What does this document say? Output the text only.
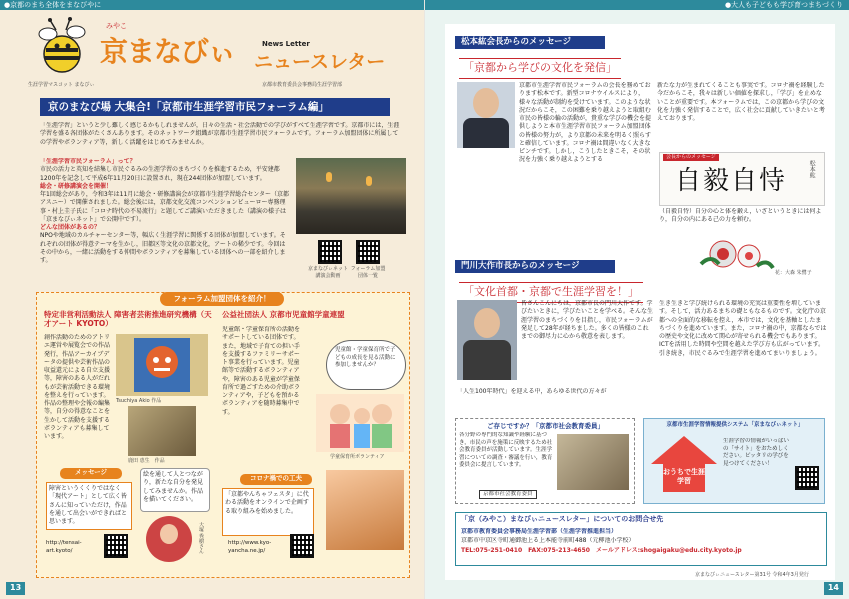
●京都のまち全体をまなびやに
生涯学習マスコット まなびぃ
みやこ
京まなびぃ	News Letter
ニュースレター
京都市教育委員会事務局生涯学習部
京のまなび場 大集合!「京都市生涯学習市民フォーラム編」
「生涯学習」というと少し難しく感じるかもしれませんが，日々の生活・社会活動での学びがすべて生涯学習です。京都市には，生涯学習を盛る各団体がたくさんあります。そのネットワーク組織が京都市生涯学習市民フォーラムです。フォーラム加盟団体に所属しての学習やボランティア等，新しく活躍をはじめてみませんか。
「生涯学習市民フォーラム」って？
市民の活力と英知を結集し市民ぐるみの生涯学習のまちづくりを推進するため，平安建都1200年を記念して平成6年11月20日に設置され，現在244団体が加盟しています。
総会・研修講演会を開催！
年1回総会があり，令和3年は11月に総会・研修講演会が京都市生涯学習総合センター（京都アスニー）で開催されました。総会後には，京都文化交流コンベンションビューロー専務理事・村上圭子氏に「コロナ時代の不易流行」と題してご講演いただきました（講演の様子は「京まなびぃネット」で公開中です）。
どんな団体があるの？
NPOや地域のカルチャーセンター等，幅広く生涯学習に関係する団体が加盟しています。それぞれの団体が得意テーマを生かし，旧都区等文化の京都文化，アートの稀少です。今回はその中から，一緒に活動をする仲間やボランティアを募集している団体への一部を紹介します。
京まなびぃネット 講演会動画
フォーラム加盟団体一覧
フォーラム加盟団体を紹介！
特定非営利活動法人 障害者芸術推進研究機構（天才アート KYOTO）
創作活動のためのアトリエ運営や展覧会での作品発行，作品アーカイブデータの提供や芸術作品の収益還元による自立支援等，障害のある人がだれもが芸術活動できる環境を整えを行っています。作品の整理や会報の編集等，自分の得意なことを生かして活動を支援するボランティアも募集しています。
Tsuchiya Akio 作品
鹿田 恵生　作品
メッセージ
障害というくくりではなく「現代アート」として広く皆さんに知っていただけ，作品を通して出会いができればと思います。
http://tensai-art.kyoto/
絵を通して人とつながり，新たな自分を発見してみませんか。作品を描いてください。
大塚 秀樹さん
公益社団法人 京都市児童館学童連盟
児童館・学童保育所の活動をサポートしている団体です。また，地域で子育ての担い手を支援するファミリーサポート事業を行っています。児童館等で活動するボランティアや，障害のある児童が学童保育所で過ごすための介助ボランティアや，子どもを預かるボランティアを随時募集中です。
児童館・学童保育所で子どもの成長を見る活動に参加しませんか？
学童保育所ボランティア
コロナ禍での工夫
「京都やんちゃフェスタ」に代わる活動をオンラインで企画する取り組みを始めました。
http://www.kyo-yancha.ne.jp/
13
●大人も子どもも学び育つまちづくり
松本紘会長からのメッセージ
「京都から学びの文化を発信」
京都市生涯学習市民フォーラムの会長を務めております松本です。新型コロナウイルスにより，様々な活動が制約を受けています。このような状況だからこそ，この困難を乗り越えようと取組む市民の皆様の輪の活動が，貴重な学びの機会を提供しようと本市生涯学習市民フォーラム加盟団体の皆様の努力が，より京都の未来を明るく照らすと確信しています。コロナ禍は間違いなく大きなピンチです。しかし，こうしたときこそ，その状況を力強く乗り越えようとする
新たな力が生まれてくることも事実です。コロナ禍を経験した今だからこそ，我々は新しい価値を探求し，「学び」を止めないことが重要です。本フォーラムでは，この京都から学びの文化を力強く発信することで，広く社会に貢献していきたいと考えております。
会長からのメッセージ
自毅自恃	松本紘
（自毅自恃）自分の心と体を鍛え，いざというときには何より，自分の内にある己の力を頼む。
花：大森 朱鷺子
門川大作市長からのメッセージ
「文化首都・京都で生涯学習を！」
皆さんこんにちは，京都市長の門川大作です。学びたいときに，学びたいことを学べる。そんな生涯学習のまちづくりを目指し，市民フォーラムが発足して28年が経ちました。多くの皆様のこれまでの御尽力に心から敬意を表します。
「人生100年時代」を迎える中，あらゆる世代の方々が
生き生きと学び続けられる環境の充実は重要性を増しています。そして，活力あるまちの礎ともなるものです。文化庁の京都への全面的な移転を控え，本市では，文化を基軸としたまちづくりを進めています。また，コロナ禍の中，京都ならではの歴史や文化に改めて関心が寄せられる機会でもあります。ICTを活用した時間や空間を越えた学び方も広がっています。引き続き，市民ぐるみで生涯学習を進めてまいりましょう。
ご存じですか？「京都市社会教育委員」
各分野の専門的な知識や経験に基づき，市民の声を施策に反映するため社会教育委員が活動しています。生涯学習についての調査・審議を行い，教育委員会に提言しています。
京都市社会教育委員
京都市生涯学習情報提供システム「京まなびぃネット」
おうちで生涯学習
生涯学習の情報がいっぱいの「サイト」をおためしください。ピッタリの学びを見つけてください！
「京（みやこ）まなびぃニュースレター」についてのお問合せ先
京都市教育委員会事務局生涯学習部（生涯学習推進担当）
京都市中京区寺町通御池上る上本能寺前町488（元柳池小学校）
TEL:075-251-0410　FAX:075-213-4650　メールアドレス:shogaigaku@edu.city.kyoto.jp
京まなびぃニュースレター第31号 令和4年3月発行
14
